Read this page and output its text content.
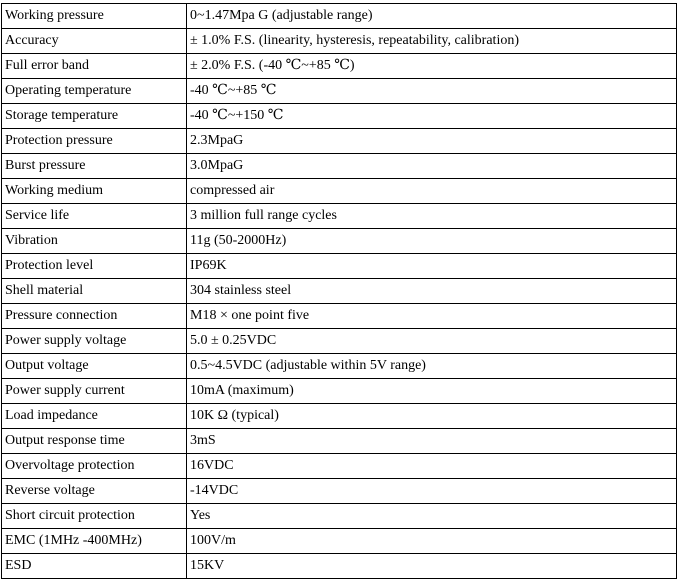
Working pressure	0~1.47Mpa G (adjustable range)
Accuracy	± 1.0% F.S. (linearity, hysteresis, repeatability, calibration)
Full error band	± 2.0% F.S. (-40 ℃~+85 ℃)
Operating temperature	-40 ℃~+85 ℃
Storage temperature	-40 ℃~+150 ℃
Protection pressure	2.3MpaG
Burst pressure	3.0MpaG
Working medium	compressed air
Service life	3 million full range cycles
Vibration	11g (50-2000Hz)
Protection level	IP69K
Shell material	304 stainless steel
Pressure connection	M18 × one point five
Power supply voltage	5.0 ± 0.25VDC
Output voltage	0.5~4.5VDC (adjustable within 5V range)
Power supply current	10mA (maximum)
Load impedance	10K Ω (typical)
Output response time	3mS
Overvoltage protection	16VDC
Reverse voltage	-14VDC
Short circuit protection	Yes
EMC (1MHz -400MHz)	100V/m
ESD	15KV
